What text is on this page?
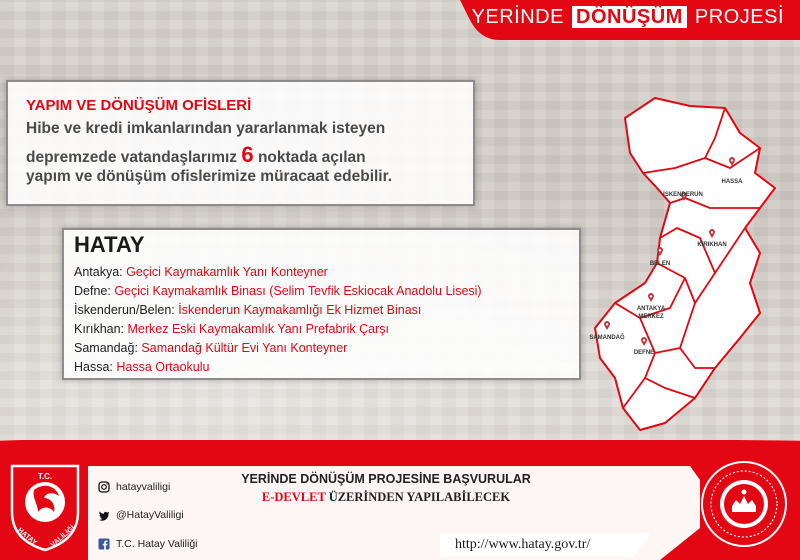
YERİNDE DÖNÜŞÜM PROJESİ
YAPIM VE DÖNÜŞÜM OFİSLERİ
Hibe ve kredi imkanlarından yararlanmak isteyen
depremzede vatandaşlarımız 6 noktada açılan
yapım ve dönüşüm ofislerimize müracaat edebilir.
HATAY
Antakya: Geçici Kaymakamlık Yanı Konteyner
Defne: Geçici Kaymakamlık Binası (Selim Tevfik Eskiocak Anadolu Lisesi)
İskenderun/Belen: İskenderun Kaymakamlığı Ek Hizmet Binası
Kırıkhan: Merkez Eski Kaymakamlık Yanı Prefabrik Çarşı
Samandağ: Samandağ Kültür Evi Yanı Konteyner
Hassa: Hassa Ortaokulu
HASSA
İSKENDERUN
KIRIKHAN
BELEN
ANTAKYA
MERKEZ
SAMANDAĞ
DEFNE
T.C.
HATAY VALİLİĞİ
hatayvaliligi
@HatayValiligi
T.C. Hatay Valiliği
YERİNDE DÖNÜŞÜM PROJESİNE BAŞVURULAR
E-DEVLET ÜZERİNDEN YAPILABİLECEK
http://www.hatay.gov.tr/
